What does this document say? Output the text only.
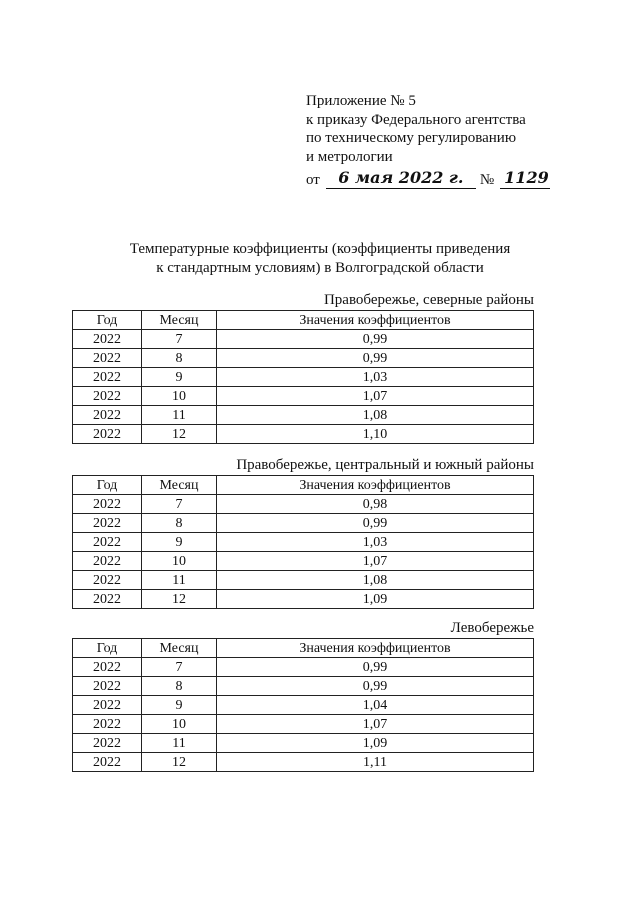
Приложение № 5
к приказу Федерального агентства
по техническому регулированию
и метрологии
от	6 мая 2022 г.	№ 1129
Температурные коэффициенты (коэффициенты приведения
к стандартным условиям) в Волгоградской области
Правобережье, северные районы
Год	Месяц	Значения коэффициентов
2022	7	0,99
2022	8	0,99
2022	9	1,03
2022	10	1,07
2022	11	1,08
2022	12	1,10
Правобережье, центральный и южный районы
Год	Месяц	Значения коэффициентов
2022	7	0,98
2022	8	0,99
2022	9	1,03
2022	10	1,07
2022	11	1,08
2022	12	1,09
Левобережье
Год	Месяц	Значения коэффициентов
2022	7	0,99
2022	8	0,99
2022	9	1,04
2022	10	1,07
2022	11	1,09
2022	12	1,11
